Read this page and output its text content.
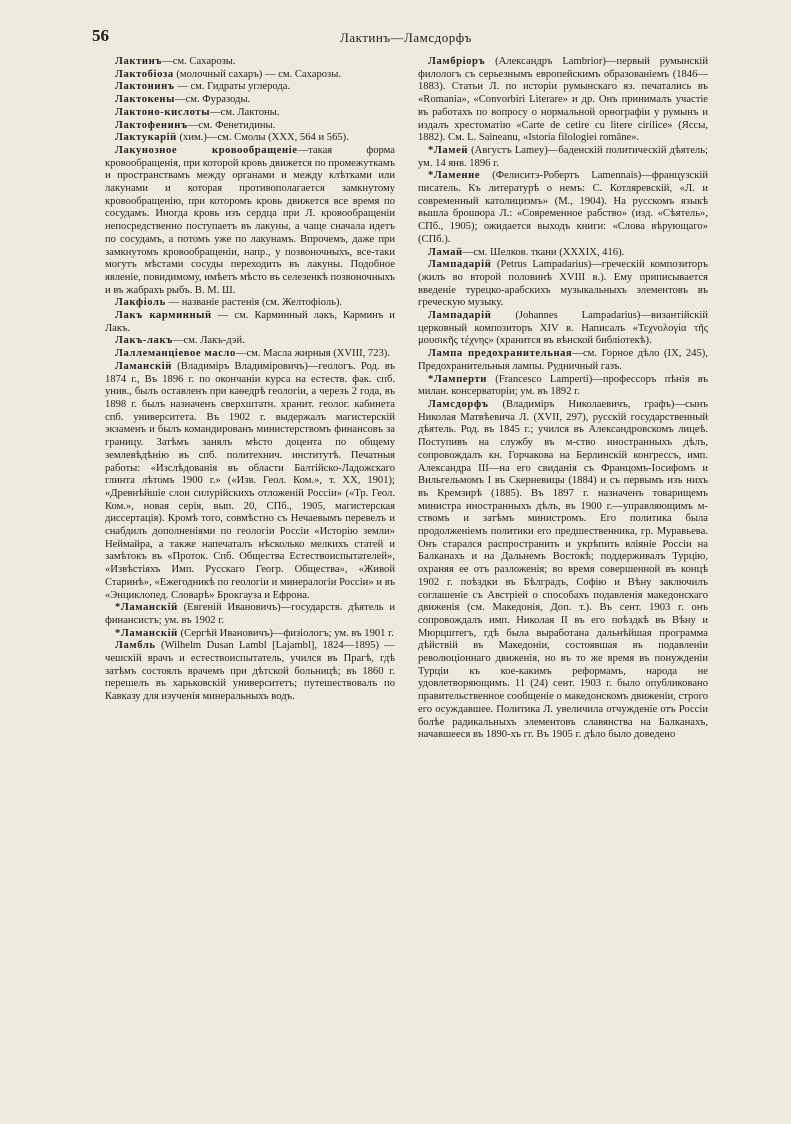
56	Лактинъ—Ламсдорфъ

Лактинъ—см. Сахарозы.

Лактобіоза (молочный сахаръ) — см. Сахарозы.

Лактонинъ — см. Гидраты углерода.

Лактокены—см. Фуразоды.

Лактоно-кислоты—см. Лактоны.

Лактофенинъ—см. Фенетидины.

Лактукарій (хим.)—см. Смолы (XXX, 564 и 565).

Лакунозное кровообращеніе—такая форма кровообращенія, при которой кровь движется по промежуткамъ и пространствамъ между органами и между клѣтками или лакунами и которая противополагается замкнутому кровообращенію, при которомъ кровь движется все время по сосудамъ. Иногда кровь изъ сердца при Л. кровообращеніи непосредственно поступаетъ въ лакуны, а чаще сначала идетъ по сосудамъ, а потомъ уже по лакунамъ. Впрочемъ, даже при замкнутомъ кровообращеніи, напр., у позвоночныхъ, все-таки могутъ мѣстами сосуды переходить въ лакуны. Подобное явленіе, повидимому, имѣетъ мѣсто въ селезенкѣ позвоночныхъ и въ жабрахъ рыбъ. В. М. Ш.

Лакфіоль — названіе растенія (см. Желтофіоль).

Лакъ карминный — см. Карминный лакъ, Карминъ и Лакъ.

Лакъ-лакъ—см. Лакъ-дэй.

Лаллеманціевое масло—см. Масла жирныя (XVIII, 723).

Ламанскій (Владиміръ Владиміровичъ)—геологъ. Род. въ 1874 г., Въ 1896 г. по окончаніи курса на естеств. фак. спб. унив., былъ оставленъ при каѳедрѣ геологіи, а черезъ 2 года, въ 1898 г. былъ назначенъ сверхштатн. хранит. геолог. кабинета спб. университета. Въ 1902 г. выдержалъ магистерскій экзаменъ и былъ командированъ министерствомъ финансовъ за границу. Затѣмъ занялъ мѣсто доцента по общему землевѣдѣнію въ спб. политехнич. институтѣ. Печатныя работы: «Изслѣдованія въ области Балтійско-Ладожскаго глинта лѣтомъ 1900 г.» («Изв. Геол. Ком.», т. XX, 1901); «Древнѣйшіе слои силурійскихъ отложеній Россіи» («Тр. Геол. Ком.», новая серія, вып. 20, СПб., 1905, магистерская диссертація). Кромѣ того, совмѣстно съ Нечаевымъ перевелъ и снабдилъ дополненіями по геологіи Россіи «Исторію земли» Неймайра, а также напечаталъ нѣсколько мелкихъ статей и замѣтокъ въ «Проток. Спб. Общества Естествоиспытателей», «Извѣстіяхъ Имп. Русскаго Геогр. Общества», «Живой Старинѣ», «Ежегодникѣ по геологіи и минералогіи Россіи» и въ «Энциклопед. Словарѣ» Брокгауза и Ефрона.

*Ламанскій (Евгеній Ивановичъ)—государств. дѣятель и финансистъ; ум. въ 1902 г.

*Ламанскій (Сергѣй Ивановичъ)—физіологъ; ум. въ 1901 г.

Ламбль (Wilhelm Dusan Lambl [Lajambl], 1824—1895) — чешскій врачъ и естествоиспытатель, учился въ Прагѣ, гдѣ затѣмъ состоялъ врачемъ при дѣтской больницѣ; въ 1860 г. перешелъ въ харьковскій университетъ; путешествовалъ по Кавказу для изученія минеральныхъ водъ.

Ламбріоръ (Александръ Lambrior)—первый румынскій филологъ съ серьезнымъ европейскимъ образованіемъ (1846—1883). Статьи Л. по исторіи румынскаго яз. печатались въ «Romania», «Convorbiri Literare» и др. Онъ принималъ участіе въ работахъ по вопросу о нормальной орѳографіи у румынъ и издалъ хрестоматію «Carte de cetire cu litere cirilice» (Яссы, 1882). См. L. Saineanu, «Istoria filologiei române».

*Ламей (Августъ Lamey)—баденскій политическій дѣятель; ум. 14 янв. 1896 г.

*Ламенне (Фелиситэ-Робертъ Lamennais)—французскій писатель. Къ литературѣ о немъ: С. Котляревскій, «Л. и современный католицизмъ» (М., 1904). На русскомъ языкѣ вышла брошюра Л.: «Современное рабство» (изд. «Сѣятель», СПб., 1905); ожидается выходъ книги: «Слова вѣрующаго» (СПб.).

Ламай—см. Шелков. ткани (XXXIX, 416).

Лампадарій (Petrus Lampadarius)—греческій композиторъ (жилъ во второй половинѣ XVIII в.). Ему приписывается введеніе турецко-арабскихъ музыкальныхъ элементовъ въ греческую музыку.

Лампадарій (Johannes Lampadarius)—византійскій церковный композиторъ XIV в. Написалъ «Τεχνολογία τῆς μουσικῆς τέχνης» (хранится въ вѣнской библіотекѣ).

Лампа предохранительная—см. Горное дѣло (IX, 245), Предохранительныя лампы. Рудничный газъ.

*Ламперти (Francesco Lamperti)—профессоръ пѣнія въ милан. консерваторіи; ум. въ 1892 г.

Ламсдорфъ (Владиміръ Николаевичъ, графъ)—сынъ Николая Матвѣевича Л. (XVII, 297), русскій государственный дѣятель. Род. въ 1845 г.; учился въ Александровскомъ лицеѣ. Поступивъ на службу въ м-ство иностранныхъ дѣлъ, сопровождалъ кн. Горчакова на Берлинскій конгрессъ, имп. Александра III—на его свиданія съ Францомъ-Іосифомъ и Вильгельмомъ I въ Скерневицы (1884) и съ первымъ изъ нихъ въ Кремзирѣ (1885). Въ 1897 г. назначенъ товарищемъ министра иностранныхъ дѣлъ, въ 1900 г.—управляющимъ м-ствомъ и затѣмъ министромъ. Его политика была продолженіемъ политики его предшественника, гр. Муравьева. Онъ старался распространить и укрѣпить вліяніе Россіи на Балканахъ и на Дальнемъ Востокѣ; поддерживалъ Турцію, охраняя ее отъ разложенія; во время совершенной въ концѣ 1902 г. поѣздки въ Бѣлградъ, Софію и Вѣну заключилъ соглашеніе съ Австріей о способахъ подавленія македонскаго движенія (см. Македонія, Доп. т.). Въ сент. 1903 г. онъ сопровождалъ имп. Николая II въ его поѣздкѣ въ Вѣну и Мюрцштегъ, гдѣ была выработана дальнѣйшая программа дѣйствій въ Македоніи, состоявшая въ подавленіи революціоннаго движенія, но въ то же время въ понужденіи Турціи къ кое-какимъ реформамъ, народа не удовлетворяющимъ. 11 (24) сент. 1903 г. было опубликовано правительственное сообщеніе о македонскомъ движеніи, строго его осуждавшее. Политика Л. увеличила отчужденіе отъ Россіи болѣе радикальныхъ элементовъ славянства на Балканахъ, начавшееся въ 1890-хъ гг. Въ 1905 г. дѣло было доведено
